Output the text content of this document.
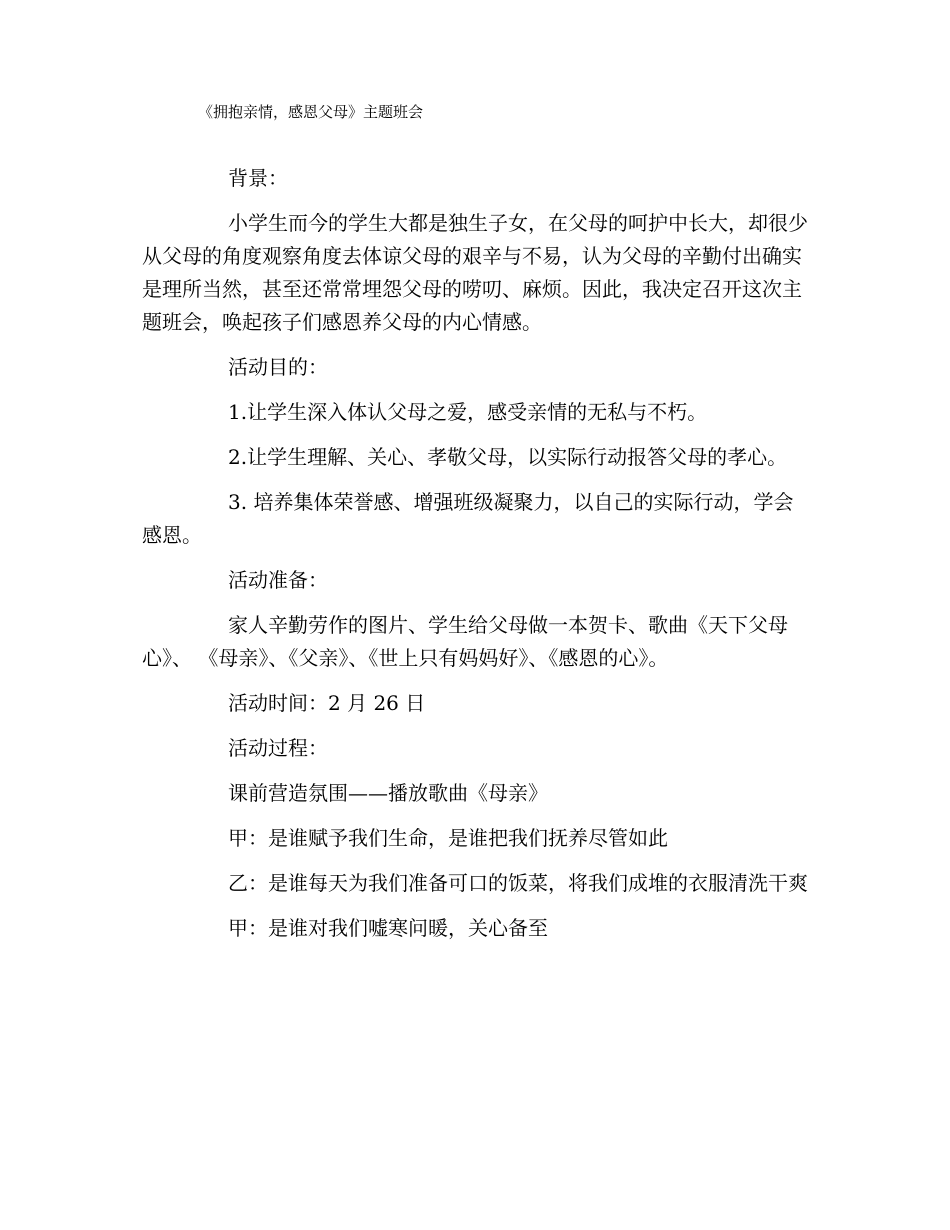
《拥抱亲情，感恩父母》主题班会

背景：

小学生而今的学生大都是独生子女，在父母的呵护中长大，却很少从父母的角度观察角度去体谅父母的艰辛与不易，认为父母的辛勤付出确实是理所当然，甚至还常常埋怨父母的唠叨、麻烦。因此，我决定召开这次主题班会，唤起孩子们感恩养父母的内心情感。

活动目的：

1.让学生深入体认父母之爱，感受亲情的无私与不朽。

2.让学生理解、关心、孝敬父母，以实际行动报答父母的孝心。

3. 培养集体荣誉感、增强班级凝聚力，以自己的实际行动，学会感恩。

活动准备：

家人辛勤劳作的图片、学生给父母做一本贺卡、歌曲《天下父母心》、 《母亲》、《父亲》、《世上只有妈妈好》、《感恩的心》。

活动时间：2 月 26 日

活动过程：

课前营造氛围——播放歌曲《母亲》

甲：是谁赋予我们生命，是谁把我们抚养尽管如此

乙：是谁每天为我们准备可口的饭菜，将我们成堆的衣服清洗干爽

甲：是谁对我们嘘寒问暖，关心备至
